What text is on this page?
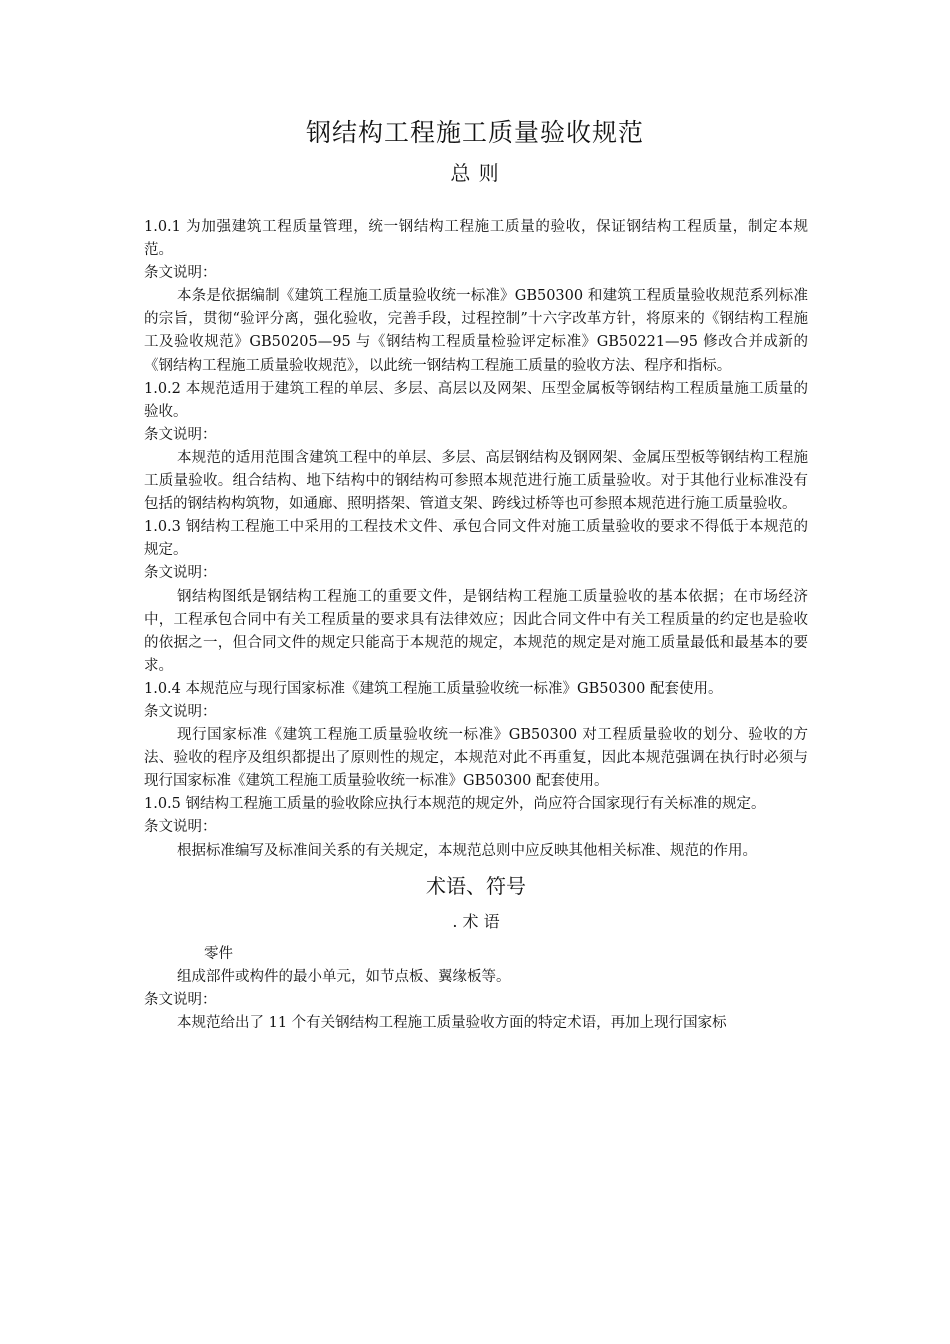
钢结构工程施工质量验收规范
总 则

1.0.1 为加强建筑工程质量管理，统一钢结构工程施工质量的验收，保证钢结构工程质量，制定本规范。

条文说明：

本条是依据编制《建筑工程施工质量验收统一标准》GB50300 和建筑工程质量验收规范系列标准的宗旨，贯彻“验评分离，强化验收，完善手段，过程控制”十六字改革方针，将原来的《钢结构工程施工及验收规范》GB50205—95 与《钢结构工程质量检验评定标准》GB50221—95 修改合并成新的《钢结构工程施工质量验收规范》，以此统一钢结构工程施工质量的验收方法、程序和指标。

1.0.2 本规范适用于建筑工程的单层、多层、高层以及网架、压型金属板等钢结构工程质量施工质量的验收。

条文说明：

本规范的适用范围含建筑工程中的单层、多层、高层钢结构及钢网架、金属压型板等钢结构工程施工质量验收。组合结构、地下结构中的钢结构可参照本规范进行施工质量验收。对于其他行业标准没有包括的钢结构构筑物，如通廊、照明搭架、管道支架、跨线过桥等也可参照本规范进行施工质量验收。

1.0.3 钢结构工程施工中采用的工程技术文件、承包合同文件对施工质量验收的要求不得低于本规范的规定。

条文说明：

钢结构图纸是钢结构工程施工的重要文件，是钢结构工程施工质量验收的基本依据；在市场经济中，工程承包合同中有关工程质量的要求具有法律效应；因此合同文件中有关工程质量的约定也是验收的依据之一，但合同文件的规定只能高于本规范的规定，本规范的规定是对施工质量最低和最基本的要求。

1.0.4 本规范应与现行国家标准《建筑工程施工质量验收统一标准》GB50300 配套使用。

条文说明：

现行国家标准《建筑工程施工质量验收统一标准》GB50300 对工程质量验收的划分、验收的方法、验收的程序及组织都提出了原则性的规定，本规范对此不再重复，因此本规范强调在执行时必须与现行国家标准《建筑工程施工质量验收统一标准》GB50300 配套使用。

1.0.5 钢结构工程施工质量的验收除应执行本规范的规定外，尚应符合国家现行有关标准的规定。

条文说明：

根据标准编写及标准间关系的有关规定，本规范总则中应反映其他相关标准、规范的作用。

术语、符号

. 术 语

零件

组成部件或构件的最小单元，如节点板、翼缘板等。

条文说明：

本规范给出了 11 个有关钢结构工程施工质量验收方面的特定术语，再加上现行国家标
